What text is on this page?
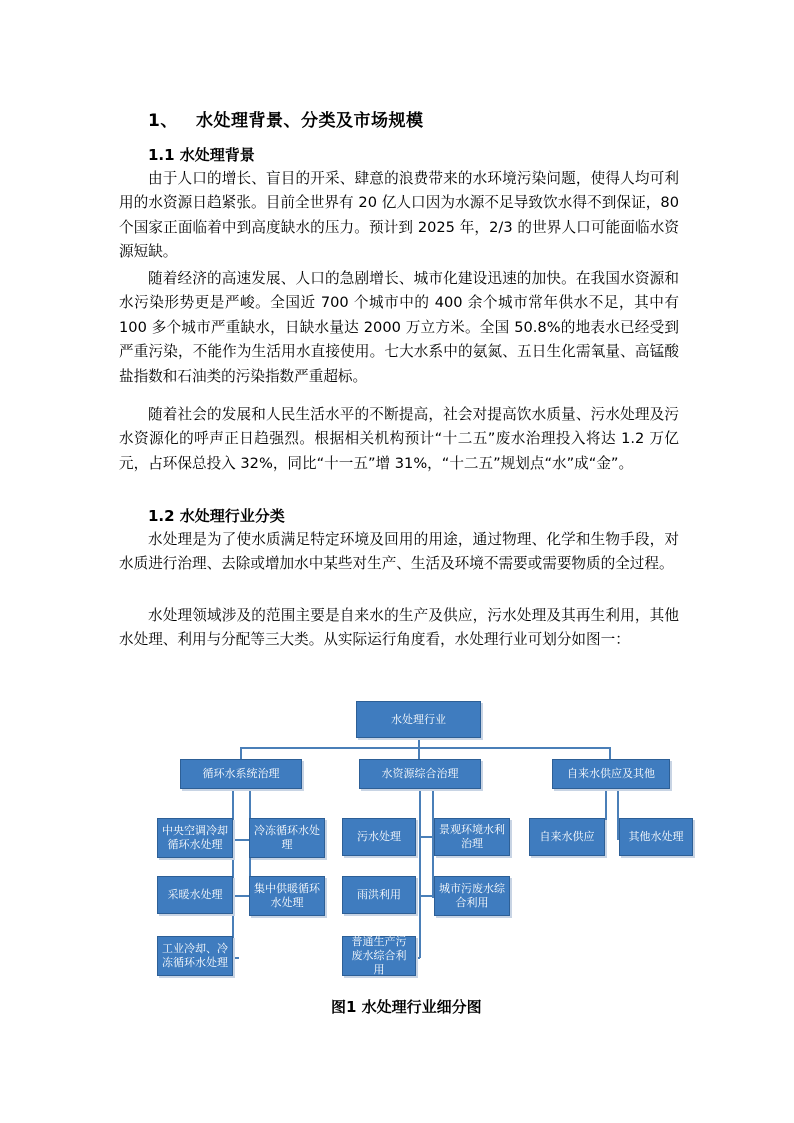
1、 水处理背景、分类及市场规模
1.1 水处理背景

由于人口的增长、盲目的开采、肆意的浪费带来的水环境污染问题，使得人均可利用的水资源日趋紧张。目前全世界有 20 亿人口因为水源不足导致饮水得不到保证，80 个国家正面临着中到高度缺水的压力。预计到 2025 年，2/3 的世界人口可能面临水资源短缺。

随着经济的高速发展、人口的急剧增长、城市化建设迅速的加快。在我国水资源和水污染形势更是严峻。全国近 700 个城市中的 400 余个城市常年供水不足，其中有 100 多个城市严重缺水，日缺水量达 2000 万立方米。全国 50.8%的地表水已经受到严重污染，不能作为生活用水直接使用。七大水系中的氨氮、五日生化需氧量、高锰酸盐指数和石油类的污染指数严重超标。

随着社会的发展和人民生活水平的不断提高，社会对提高饮水质量、污水处理及污水资源化的呼声正日趋强烈。根据相关机构预计“十二五”废水治理投入将达 1.2 万亿元，占环保总投入 32%，同比“十一五”增 31%，“十二五”规划点“水”成“金”。

1.2 水处理行业分类

水处理是为了使水质满足特定环境及回用的用途，通过物理、化学和生物手段，对水质进行治理、去除或增加水中某些对生产、生活及环境不需要或需要物质的全过程。

水处理领域涉及的范围主要是自来水的生产及供应，污水处理及其再生利用，其他水处理、利用与分配等三大类。从实际运行角度看，水处理行业可划分如图一：

水处理行业
循环水系统治理	水资源综合治理	自来水供应及其他
中央空调冷却循环水处理
采暖水处理
工业冷却、冷冻循环水处理
冷冻循环水处理
集中供暖循环水处理
污水处理
雨洪利用
普通生产污废水综合利用
景观环境水利治理
城市污废水综合利用
自来水供应	其他水处理
图1 水处理行业细分图
